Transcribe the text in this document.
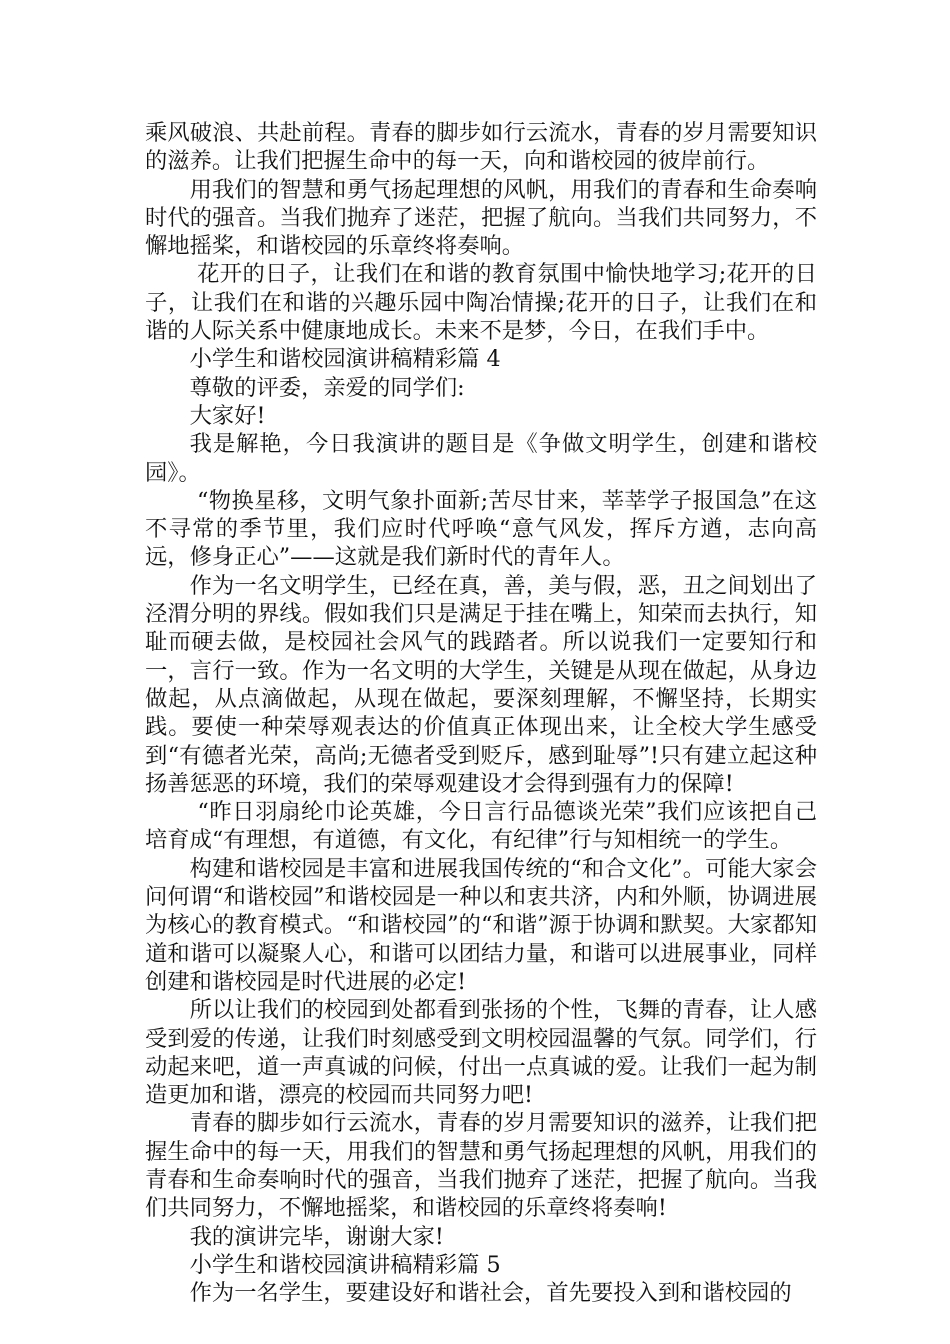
乘风破浪、共赴前程。青春的脚步如行云流水，青春的岁月需要知识的滋养。让我们把握生命中的每一天，向和谐校园的彼岸前行。

用我们的智慧和勇气扬起理想的风帆，用我们的青春和生命奏响时代的强音。当我们抛弃了迷茫，把握了航向。当我们共同努力，不懈地摇桨，和谐校园的乐章终将奏响。

花开的日子，让我们在和谐的教育氛围中愉快地学习;花开的日子，让我们在和谐的兴趣乐园中陶冶情操;花开的日子，让我们在和谐的人际关系中健康地成长。未来不是梦，今日，在我们手中。

小学生和谐校园演讲稿精彩篇 4

尊敬的评委，亲爱的同学们:

大家好!

我是解艳，今日我演讲的题目是《争做文明学生，创建和谐校园》。

“物换星移，文明气象扑面新;苦尽甘来，莘莘学子报国急”在这不寻常的季节里，我们应时代呼唤“意气风发，挥斥方遒，志向高远，修身正心”——这就是我们新时代的青年人。

作为一名文明学生，已经在真，善，美与假，恶，丑之间划出了泾渭分明的界线。假如我们只是满足于挂在嘴上，知荣而去执行，知耻而硬去做，是校园社会风气的践踏者。所以说我们一定要知行和一，言行一致。作为一名文明的大学生，关键是从现在做起，从身边做起，从点滴做起，从现在做起，要深刻理解，不懈坚持，长期实践。要使一种荣辱观表达的价值真正体现出来，让全校大学生感受到“有德者光荣，高尚;无德者受到贬斥，感到耻辱”!只有建立起这种扬善惩恶的环境，我们的荣辱观建设才会得到强有力的保障!

“昨日羽扇纶巾论英雄，今日言行品德谈光荣”我们应该把自己培育成“有理想，有道德，有文化，有纪律”行与知相统一的学生。

构建和谐校园是丰富和进展我国传统的“和合文化”。可能大家会问何谓“和谐校园”和谐校园是一种以和衷共济，内和外顺，协调进展为核心的教育模式。“和谐校园”的“和谐”源于协调和默契。大家都知道和谐可以凝聚人心，和谐可以团结力量，和谐可以进展事业，同样创建和谐校园是时代进展的必定!

所以让我们的校园到处都看到张扬的个性，飞舞的青春，让人感受到爱的传递，让我们时刻感受到文明校园温馨的气氛。同学们，行动起来吧，道一声真诚的问候，付出一点真诚的爱。让我们一起为制造更加和谐，漂亮的校园而共同努力吧!

青春的脚步如行云流水，青春的岁月需要知识的滋养，让我们把握生命中的每一天，用我们的智慧和勇气扬起理想的风帆，用我们的青春和生命奏响时代的强音，当我们抛弃了迷茫，把握了航向。当我们共同努力，不懈地摇桨，和谐校园的乐章终将奏响!

我的演讲完毕，谢谢大家!

小学生和谐校园演讲稿精彩篇 5

作为一名学生，要建设好和谐社会，首先要投入到和谐校园的
